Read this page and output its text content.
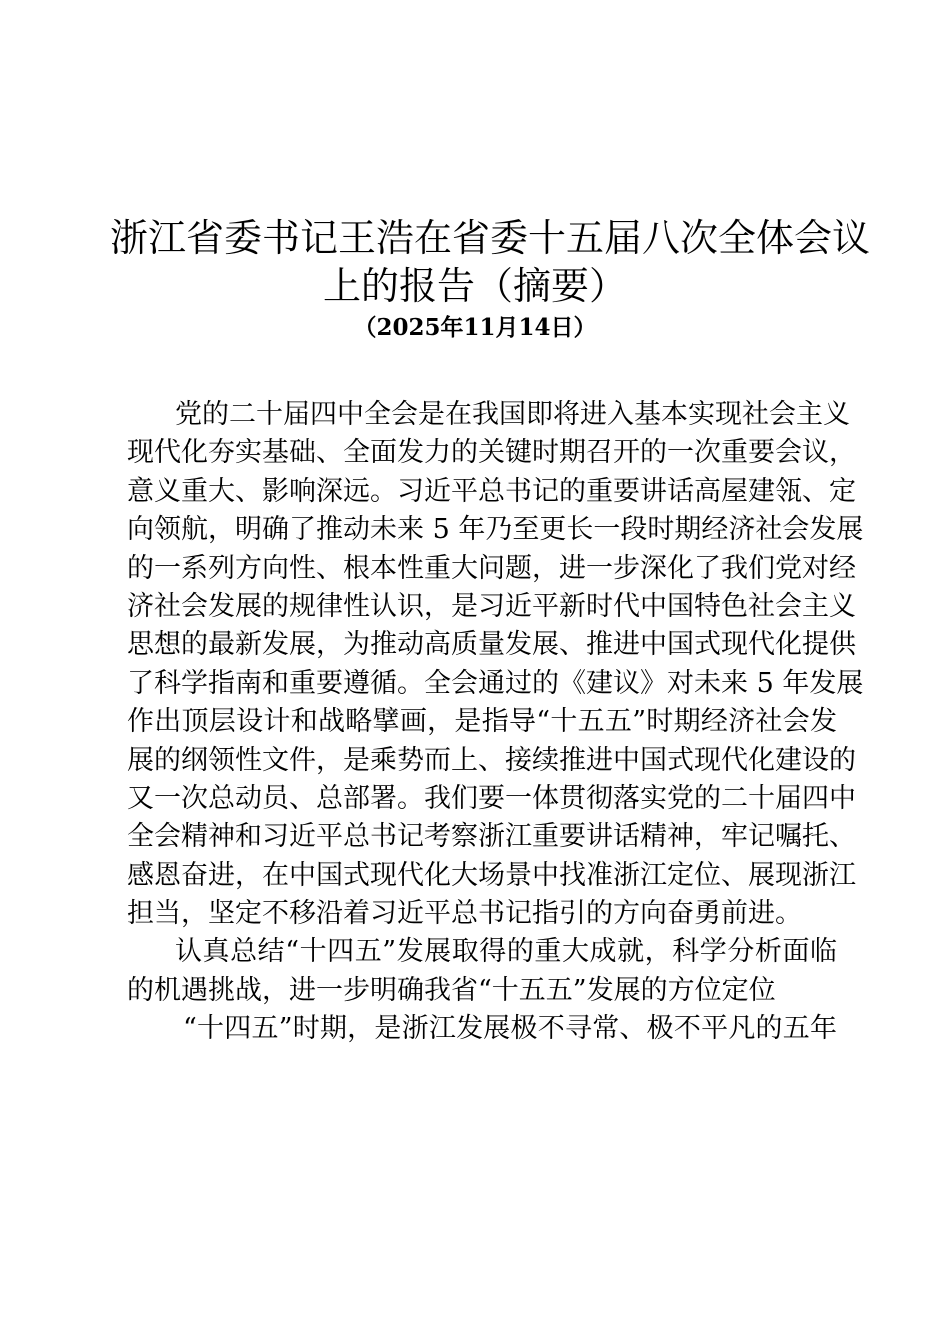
浙江省委书记王浩在省委十五届八次全体会议
上的报告（摘要）
（2025年11月14日）
党的二十届四中全会是在我国即将进入基本实现社会主义
现代化夯实基础、全面发力的关键时期召开的一次重要会议，
意义重大、影响深远。习近平总书记的重要讲话高屋建瓴、定
向领航，明确了推动未来 5 年乃至更长一段时期经济社会发展
的一系列方向性、根本性重大问题，进一步深化了我们党对经
济社会发展的规律性认识，是习近平新时代中国特色社会主义
思想的最新发展，为推动高质量发展、推进中国式现代化提供
了科学指南和重要遵循。全会通过的《建议》对未来 5 年发展
作出顶层设计和战略擘画，是指导“十五五”时期经济社会发
展的纲领性文件，是乘势而上、接续推进中国式现代化建设的
又一次总动员、总部署。我们要一体贯彻落实党的二十届四中
全会精神和习近平总书记考察浙江重要讲话精神，牢记嘱托、
感恩奋进，在中国式现代化大场景中找准浙江定位、展现浙江
担当，坚定不移沿着习近平总书记指引的方向奋勇前进。
认真总结“十四五”发展取得的重大成就，科学分析面临
的机遇挑战，进一步明确我省“十五五”发展的方位定位
“十四五”时期，是浙江发展极不寻常、极不平凡的五年
